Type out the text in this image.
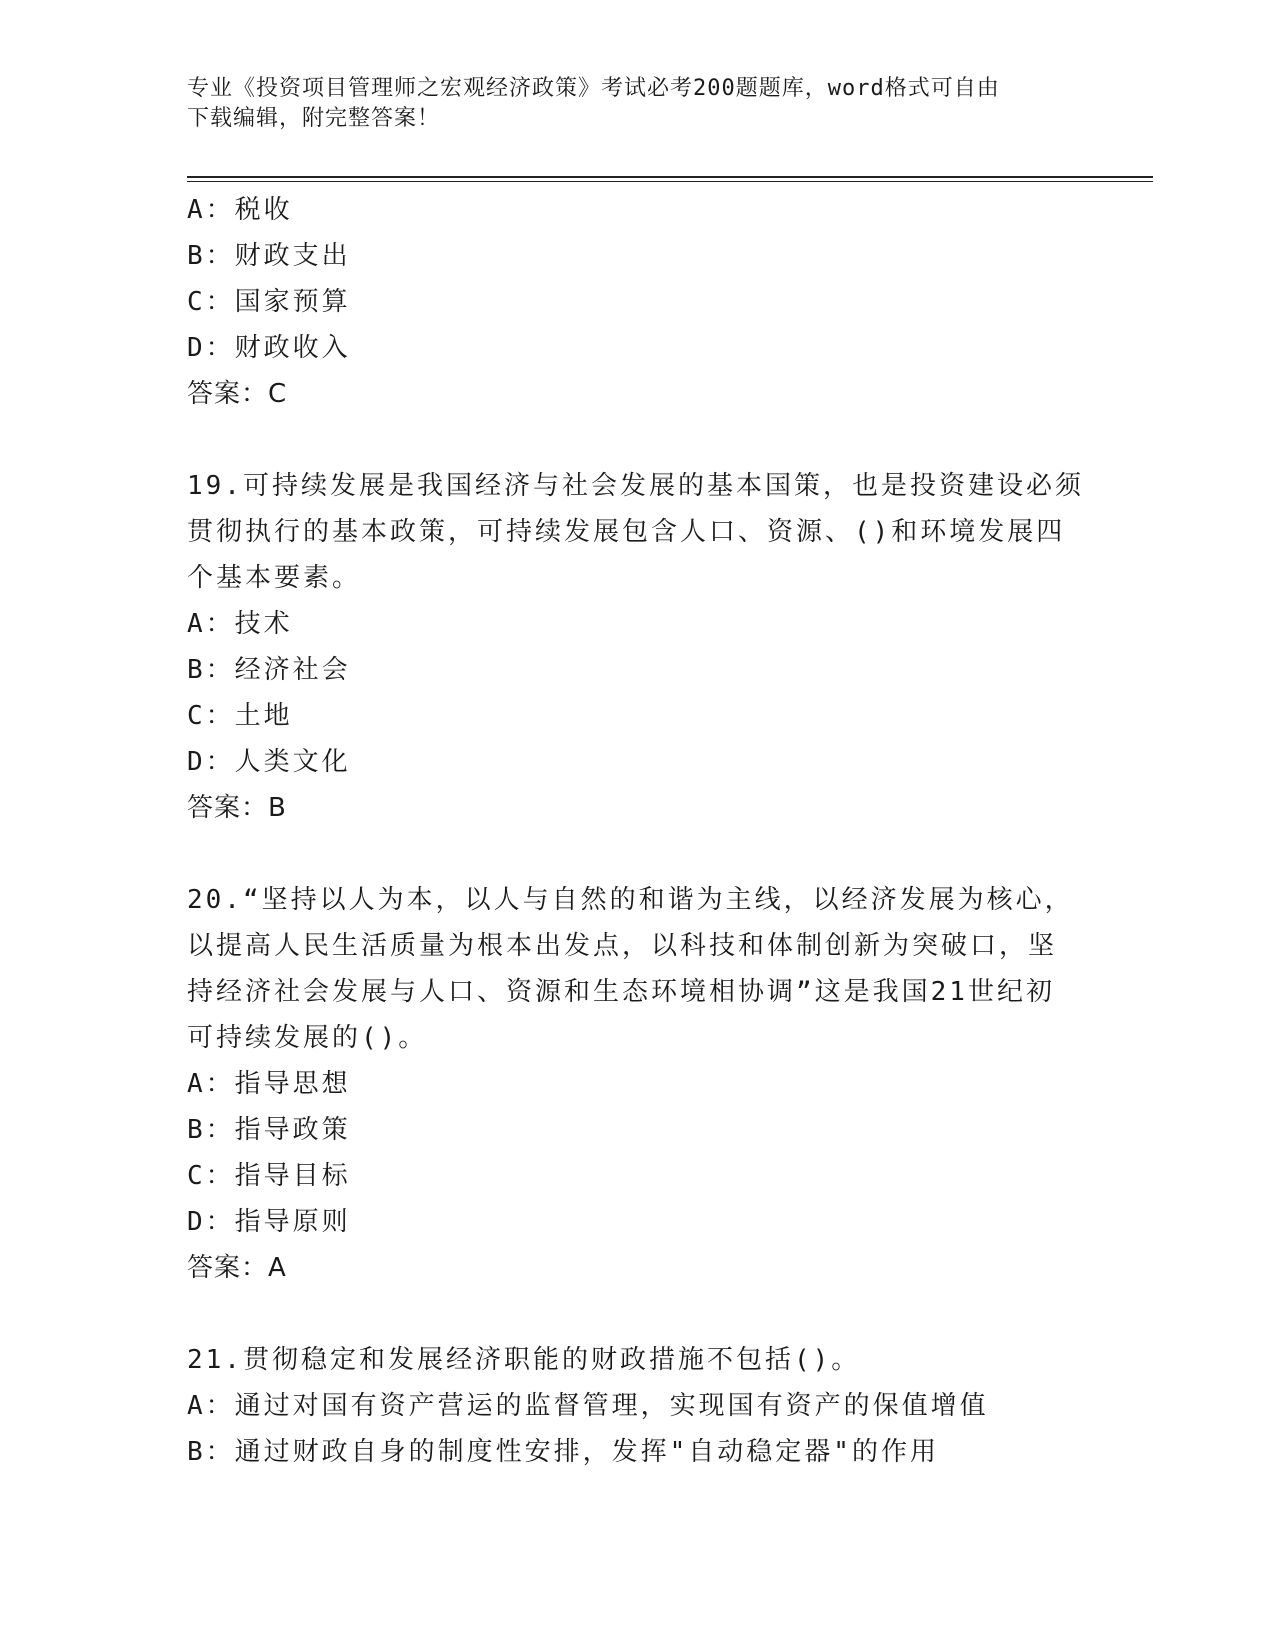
专业《投资项目管理师之宏观经济政策》考试必考200题题库，word格式可自由
下载编辑，附完整答案！
A：税收
B：财政支出
C：国家预算
D：财政收入
答案：C
19.可持续发展是我国经济与社会发展的基本国策，也是投资建设必须
贯彻执行的基本政策，可持续发展包含人口、资源、()和环境发展四
个基本要素。
A：技术
B：经济社会
C：土地
D：人类文化
答案：B
20.“坚持以人为本，以人与自然的和谐为主线，以经济发展为核心，
以提高人民生活质量为根本出发点，以科技和体制创新为突破口，坚
持经济社会发展与人口、资源和生态环境相协调”这是我国21世纪初
可持续发展的()。
A：指导思想
B：指导政策
C：指导目标
D：指导原则
答案：A
21.贯彻稳定和发展经济职能的财政措施不包括()。
A：通过对国有资产营运的监督管理，实现国有资产的保值增值
B：通过财政自身的制度性安排，发挥"自动稳定器"的作用
